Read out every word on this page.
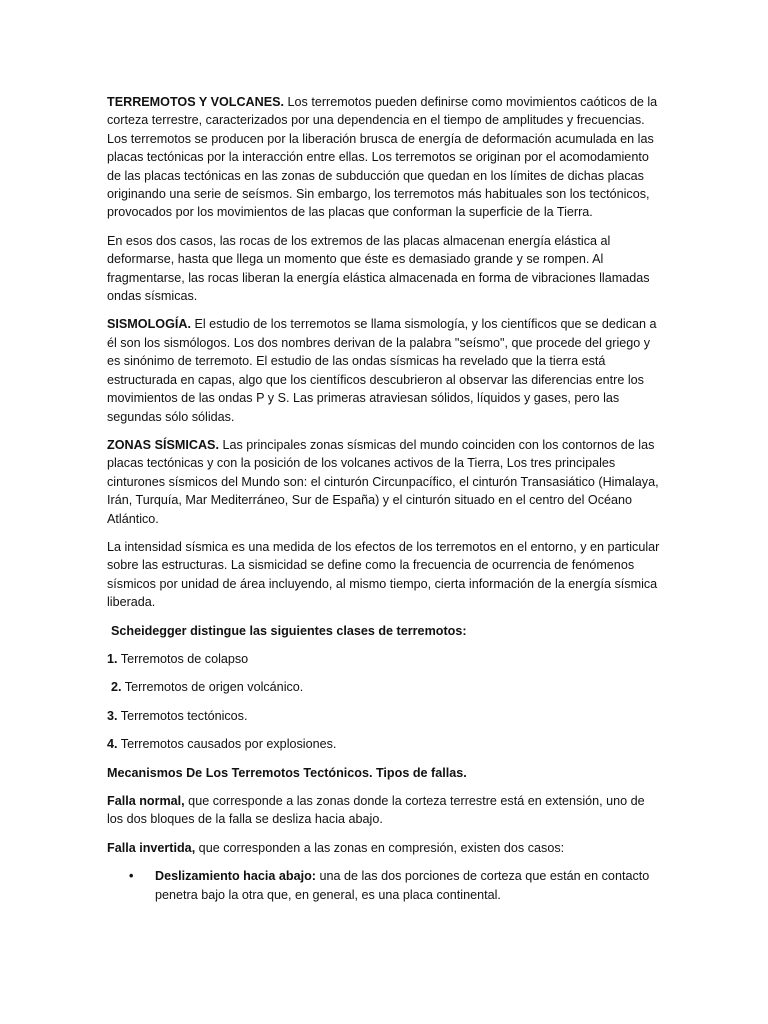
TERREMOTOS Y VOLCANES. Los terremotos pueden definirse como movimientos caóticos de la corteza terrestre, caracterizados por una dependencia en el tiempo de amplitudes y frecuencias. Los terremotos se producen por la liberación brusca de energía de deformación acumulada en las placas tectónicas por la interacción entre ellas. Los terremotos se originan por el acomodamiento de las placas tectónicas en las zonas de subducción que quedan en los límites de dichas placas originando una serie de seísmos. Sin embargo, los terremotos más habituales son los tectónicos, provocados por los movimientos de las placas que conforman la superficie de la Tierra.

En esos dos casos, las rocas de los extremos de las placas almacenan energía elástica al deformarse, hasta que llega un momento que éste es demasiado grande y se rompen. Al fragmentarse, las rocas liberan la energía elástica almacenada en forma de vibraciones llamadas ondas sísmicas.

SISMOLOGÍA. El estudio de los terremotos se llama sismología, y los científicos que se dedican a él son los sismólogos. Los dos nombres derivan de la palabra "seísmo", que procede del griego y es sinónimo de terremoto. El estudio de las ondas sísmicas ha revelado que la tierra está estructurada en capas, algo que los científicos descubrieron al observar las diferencias entre los movimientos de las ondas P y S. Las primeras atraviesan sólidos, líquidos y gases, pero las segundas sólo sólidas.

ZONAS SÍSMICAS. Las principales zonas sísmicas del mundo coinciden con los contornos de las placas tectónicas y con la posición de los volcanes activos de la Tierra, Los tres principales cinturones sísmicos del Mundo son: el cinturón Circunpacífico, el cinturón Transasiático (Himalaya, Irán, Turquía, Mar Mediterráneo, Sur de España) y el cinturón situado en el centro del Océano Atlántico.

La intensidad sísmica es una medida de los efectos de los terremotos en el entorno, y en particular sobre las estructuras. La sismicidad se define como la frecuencia de ocurrencia de fenómenos sísmicos por unidad de área incluyendo, al mismo tiempo, cierta información de la energía sísmica liberada.

Scheidegger distingue las siguientes clases de terremotos:

1. Terremotos de colapso

2. Terremotos de origen volcánico.

3. Terremotos tectónicos.

4. Terremotos causados por explosiones.

Mecanismos De Los Terremotos Tectónicos. Tipos de fallas.

Falla normal, que corresponde a las zonas donde la corteza terrestre está en extensión, uno de los dos bloques de la falla se desliza hacia abajo.

Falla invertida, que corresponden a las zonas en compresión, existen dos casos:

• Deslizamiento hacia abajo: una de las dos porciones de corteza que están en contacto penetra bajo la otra que, en general, es una placa continental.
